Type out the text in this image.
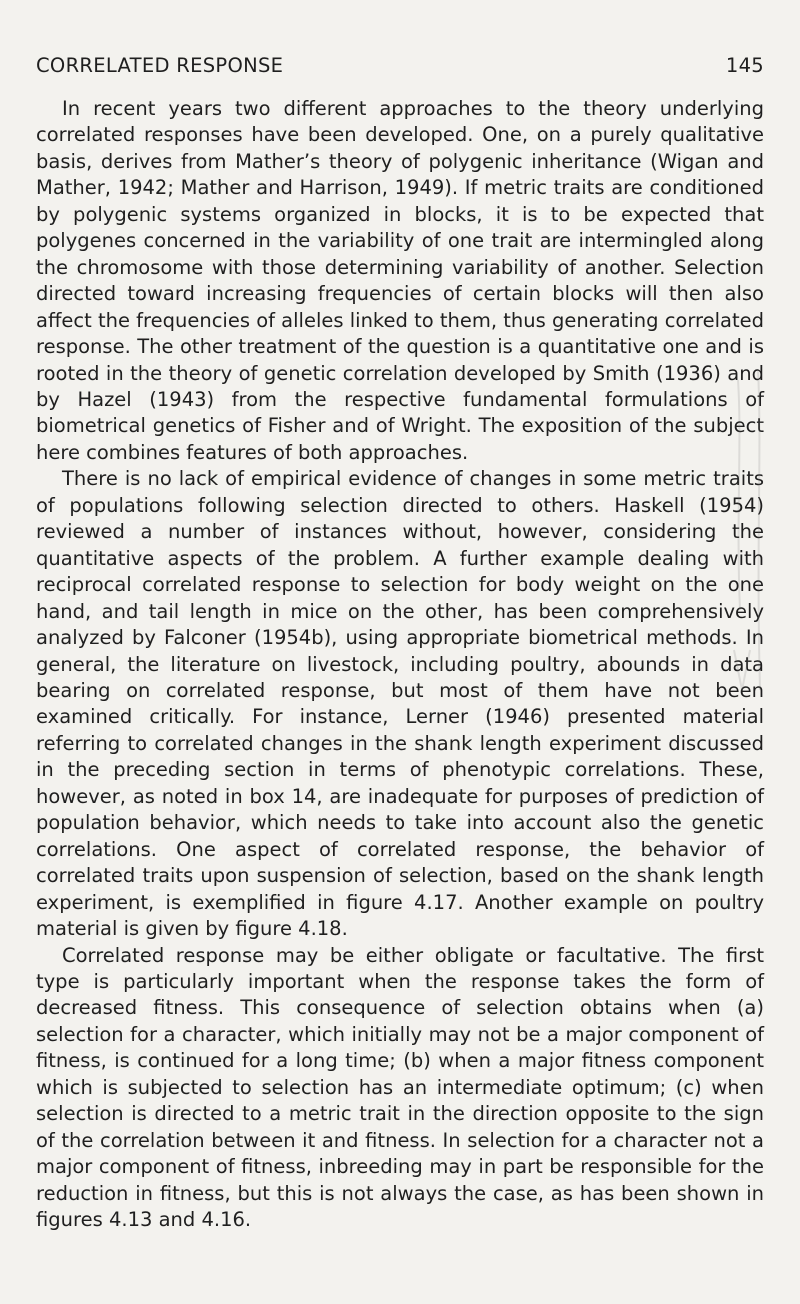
CORRELATED RESPONSE	145

In recent years two different approaches to the theory underlying correlated responses have been developed. One, on a purely qualitative basis, derives from Mather’s theory of polygenic inheritance (Wigan and Mather, 1942; Mather and Harrison, 1949). If metric traits are conditioned by polygenic systems organized in blocks, it is to be expected that polygenes concerned in the variability of one trait are intermingled along the chromosome with those determining variability of another. Selection directed toward increasing frequencies of certain blocks will then also affect the frequencies of alleles linked to them, thus generating correlated response. The other treatment of the question is a quantitative one and is rooted in the theory of genetic correlation developed by Smith (1936) and by Hazel (1943) from the respective fundamental formulations of biometrical genetics of Fisher and of Wright. The exposition of the subject here combines features of both approaches.

There is no lack of empirical evidence of changes in some metric traits of populations following selection directed to others. Haskell (1954) reviewed a number of instances without, however, considering the quantitative aspects of the problem. A further example dealing with reciprocal correlated response to selection for body weight on the one hand, and tail length in mice on the other, has been comprehensively analyzed by Falconer (1954b), using appropriate biometrical methods. In general, the literature on livestock, including poultry, abounds in data bearing on correlated response, but most of them have not been examined critically. For instance, Lerner (1946) presented material referring to correlated changes in the shank length experiment discussed in the preceding section in terms of phenotypic correlations. These, however, as noted in box 14, are inadequate for purposes of prediction of population behavior, which needs to take into account also the genetic correlations. One aspect of correlated response, the behavior of correlated traits upon suspension of selection, based on the shank length experiment, is exemplified in figure 4.17. Another example on poultry material is given by figure 4.18.

Correlated response may be either obligate or facultative. The first type is particularly important when the response takes the form of decreased fitness. This consequence of selection obtains when (a) selection for a character, which initially may not be a major component of fitness, is continued for a long time; (b) when a major fitness component which is subjected to selection has an intermediate optimum; (c) when selection is directed to a metric trait in the direction opposite to the sign of the correlation between it and fitness. In selection for a character not a major component of fitness, inbreeding may in part be responsible for the reduction in fitness, but this is not always the case, as has been shown in figures 4.13 and 4.16.
